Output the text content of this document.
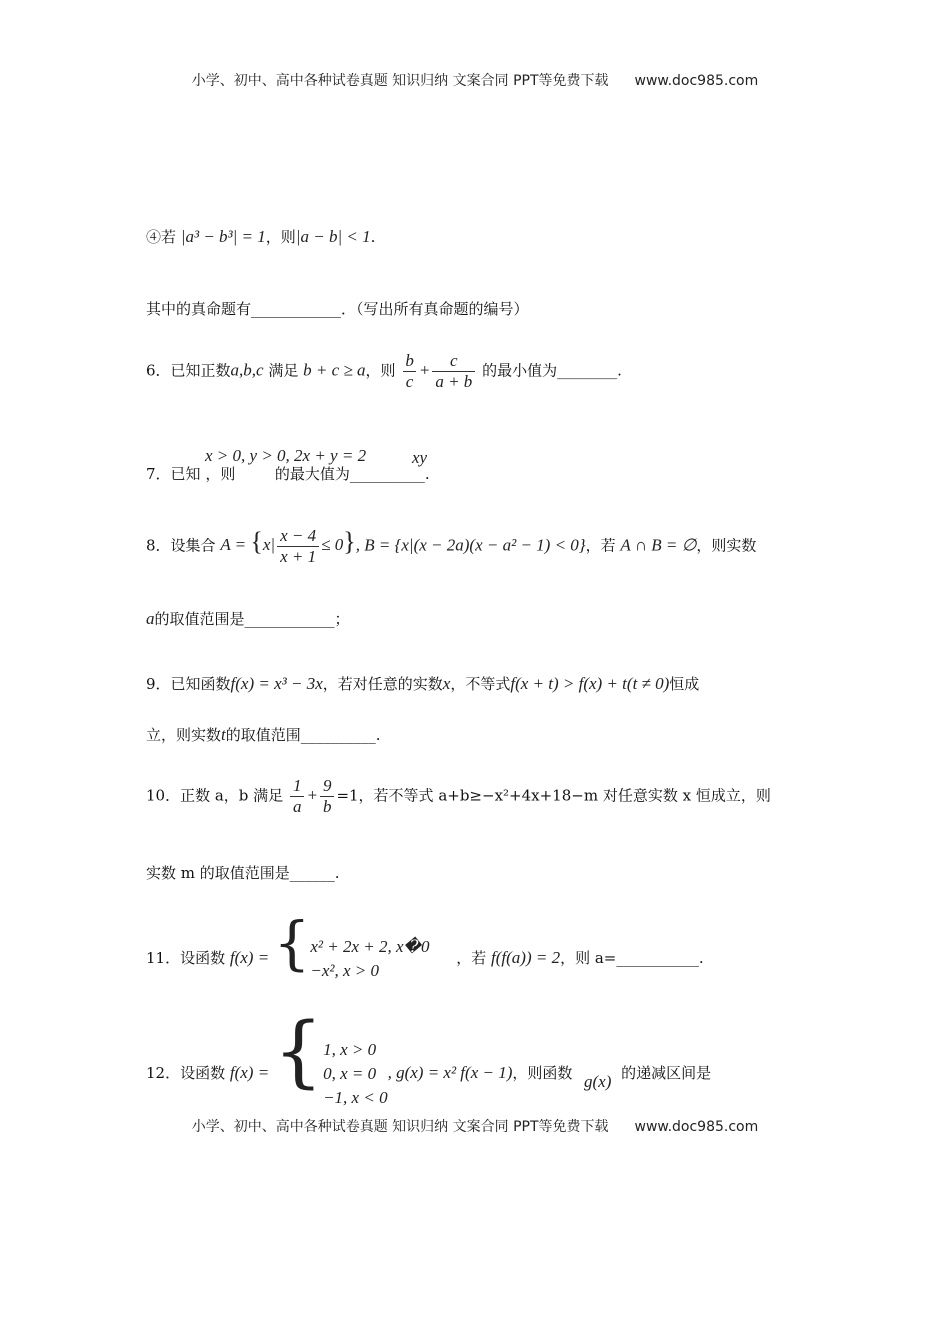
小学、初中、高中各种试卷真题 知识归纳 文案合同 PPT等免费下载 www.doc985.com
④若 |a³ − b³| = 1，则|a − b| < 1.
其中的真命题有____________．（写出所有真命题的编号）
6．已知正数a,b,c 满足 b + c ≥ a，则 $\frac{b}{c} + \frac{c}{a + b}$ 的最小值为________.
7．已知 ，则	的最大值为__________.
x > 0, y > 0, 2x + y = 2	xy
8．设集合 $A = \{x| \frac{x - 4}{x + 1} \le 0\}$, B = {x|(x − 2a)(x − a² − 1) < 0}，若 A ∩ B = ∅，则实数
a的取值范围是____________；
9．已知函数f(x) = x³ − 3x，若对任意的实数x，不等式f(x + t) > f(x) + t(t ≠ 0)恒成
立，则实数t的取值范围__________.
10．正数 a，b 满足 $\frac{1}{a} + \frac{9}{b} =1$，若不等式 a+b≥−x²+4x+18−m 对任意实数 x 恒成立，则
实数 m 的取值范围是______.
11．设函数 f(x) = { x² + 2x + 2, x�0
−x², x > 0
，若 f(f(a)) = 2，则 a=___________.
12．设函数 f(x) = { 1, x > 0
0, x = 0
−1, x < 0
, g(x) = x² f(x − 1)，则函数	的递减区间是
g(x)
小学、初中、高中各种试卷真题 知识归纳 文案合同 PPT等免费下载 www.doc985.com
